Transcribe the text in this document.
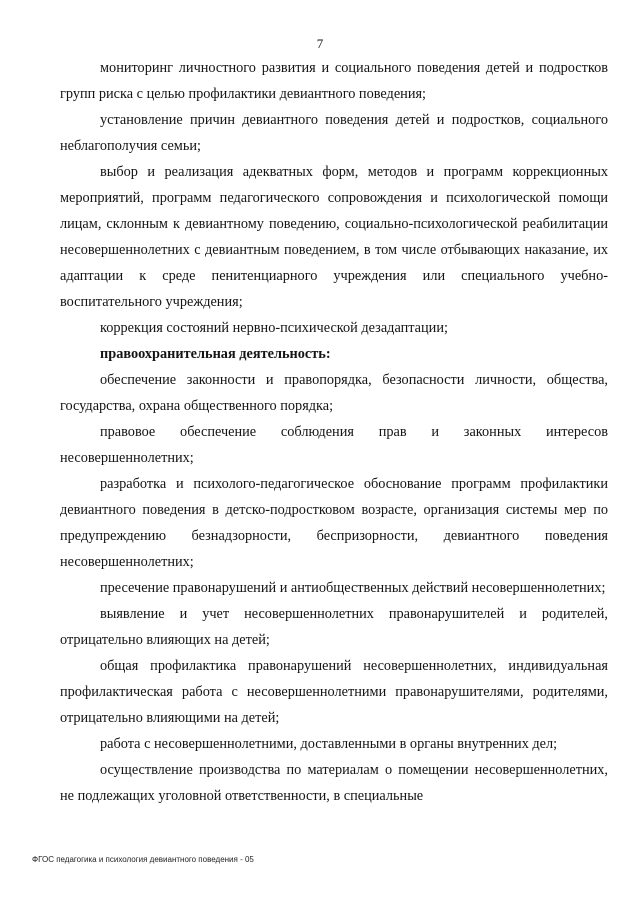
7

мониторинг личностного развития и социального поведения детей и подростков групп риска с целью профилактики девиантного поведения;

установление причин девиантного поведения детей и подростков, социального неблагополучия семьи;

выбор и реализация адекватных форм, методов и программ коррекционных мероприятий, программ педагогического сопровождения и психологической помощи лицам, склонным к девиантному поведению, социально-психологической реабилитации несовершеннолетних с девиантным поведением, в том числе отбывающих наказание, их адаптации к среде пенитенциарного учреждения или специального учебно-воспитательного учреждения;

коррекция состояний нервно-психической дезадаптации;

правоохранительная деятельность:

обеспечение законности и правопорядка, безопасности личности, общества, государства, охрана общественного порядка;

правовое обеспечение соблюдения прав и законных интересов несовершеннолетних;

разработка и психолого-педагогическое обоснование программ профилактики девиантного поведения в детско-подростковом возрасте, организация системы мер по предупреждению безнадзорности, беспризорности, девиантного поведения несовершеннолетних;

пресечение правонарушений и антиобщественных действий несовершеннолетних;

выявление и учет несовершеннолетних правонарушителей и родителей, отрицательно влияющих на детей;

общая профилактика правонарушений несовершеннолетних, индивидуальная профилактическая работа с несовершеннолетними правонарушителями, родителями, отрицательно влияющими на детей;

работа с несовершеннолетними, доставленными в органы внутренних дел;

осуществление производства по материалам о помещении несовершеннолетних, не подлежащих уголовной ответственности, в специальные

ФГОС педагогика и психология девиантного поведения - 05
